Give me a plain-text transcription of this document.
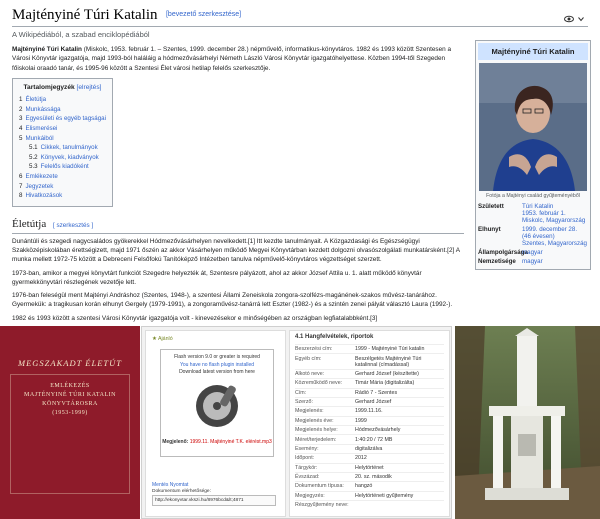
Majtényiné Túri Katalin [bevezető szerkesztése]
A Wikipédiából, a szabad enciklopédiából

Majtényiné Túri Katalin (Miskolc, 1953. február 1. – Szentes, 1999. december 28.) népművelő, informatikus-könyvtáros. 1982 és 1993 között Szentesen a Városi Könyvtár igazgatója, majd 1993-ból haláláig a hódmezővásárhelyi Németh László Városi Könyvtár igazgatóhelyettese. Közben 1994-től Szegeden főiskolai oraadó tanár, és 1995-96 között a Szentesi Élet városi hetilap felelős szerkesztője.

Tartalomjegyzék [elrejtés]
1 Életútja
2 Munkássága
3 Egyesületi és egyéb tagságai
4 Elismerései
5 Munkáiból
5.1 Cikkek, tanulmányok
5.2 Könyvek, kiadványok
5.3 Felelős kiadóként
6 Emlékezete
7 Jegyzetek
8 Hivatkozások
Életútja [ szerkesztés ]

Dunántúli és szegedi nagycsaládos gyökerekkel Hódmezővásárhelyen nevelkedett.[1] Itt kezdte tanulmányait. A Közgazdasági és Egészségügyi Szakközépiskolában érettségizett, majd 1971 őszén az akkor Vásárhelyen működő Megyei Könyvtárban kezdett dolgozni olvasószolgálati munkatársként.[2] A munka mellett 1972-75 között a Debreceni Felsőfokú Tanítóképző Intézetben tanulva népművelő-könyvtáros végzettséget szerzett.

1973-ban, amikor a megyei könyvtárt funkciót Szegedre helyezték át, Szentesre pályázott, ahol az akkor József Attila u. 1. alatt működő könyvtár gyermekkönyvtári részlegének vezetője lett.

1976-ban feleségül ment Majtényi Andráshoz (Szentes, 1948-), a szentesi Állami Zeneiskola zongora-szolfézs-magánének-szakos művész-tanárához. Gyermekük: a tragikusan korán elhunyt Gergely (1979-1991), a zongoraművész-tanárrá lett Eszter (1982-) és a szintén zenei pályát választó Laura (1992-).

1982 és 1993 között a szentesi Városi Könyvtár igazgatója volt - kinevezésekor e minőségében az országban legfiatalabbként.[3]

Majtényiné Túri Katalin
Fotója a Majtényi család gyűjteményéből
Született	Túri Katalin
1953. február 1.
Miskolc, Magyarország
Elhunyt	1999. december 28.
(46 évesen)
Szentes, Magyarország
Állampolgársága
magyar
Nemzetisége magyar
MEGSZAKADT ÉLETÚT
EMLÉKEZÉS
MAJTÉNYINÉ TÚRI KATALIN
KÖNYVTÁROSRA
(1953-1999)
★ Ajánló
Flash version 9.0 or greater is required
You have no flash plugin installed
Download latest version from here
Megjelenő: 1999.11. Majtényiné T.K. elérést.mp3
Mentés Nyomtat
Dokumentum elérhetősége:
http://ekonyvtar.vkszi.hu/8976bcd&lt;4871
4.1 Hangfelvételek, riportok
Beszerzési cím:	1999 - Majtényiné Túri katalin
Egyéb cím:	Beszélgetés Majtényiné Túri katalinnal (címadással)
Alkotó neve:	Gerhard József (készítette)
Közreműködő neve:	Timár Mária (digitalizálta)
Cím:	Rádió 7 - Szentes
Szerző:	Gerhard József
Megjelenés:	1999.11.16.
Megjelenés éve:	1999
Megjelenés helye:	Hódmezővásárhely
Méret/terjedelem:	1:40:20 / 72 MB
Esemény:	digitalizálva
Időpont:	2012
Tárgykör:	Helytörténet
Évszázad:	20. sz. második
Dokumentum típusa:	hangzó
Megjegyzés:	Helytörténeti gyűjtemény
Részgyűjtemény neve:
